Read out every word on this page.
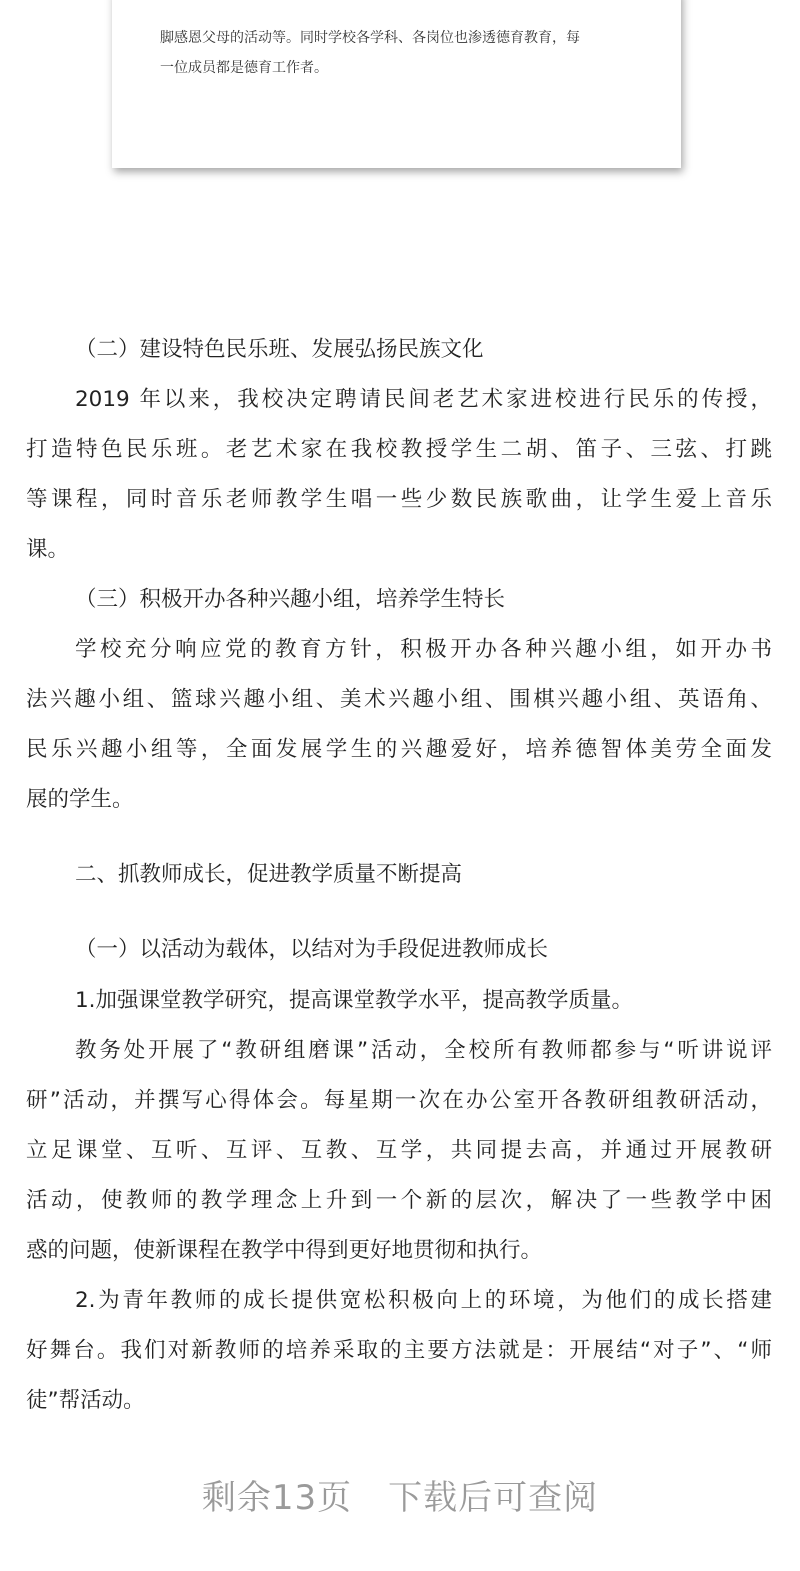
脚感恩父母的活动等。同时学校各学科、各岗位也渗透德育教育，每
一位成员都是德育工作者。
（二）建设特色民乐班、发展弘扬民族文化
2019 年以来，我校决定聘请民间老艺术家进校进行民乐的传授，
打造特色民乐班。老艺术家在我校教授学生二胡、笛子、三弦、打跳
等课程，同时音乐老师教学生唱一些少数民族歌曲，让学生爱上音乐
课。
（三）积极开办各种兴趣小组，培养学生特长
学校充分响应党的教育方针，积极开办各种兴趣小组，如开办书
法兴趣小组、篮球兴趣小组、美术兴趣小组、围棋兴趣小组、英语角、
民乐兴趣小组等，全面发展学生的兴趣爱好，培养德智体美劳全面发
展的学生。
二、抓教师成长，促进教学质量不断提高
（一）以活动为载体，以结对为手段促进教师成长
1.加强课堂教学研究，提高课堂教学水平，提高教学质量。
教务处开展了“教研组磨课”活动，全校所有教师都参与“听讲说评
研”活动，并撰写心得体会。每星期一次在办公室开各教研组教研活动，
立足课堂、互听、互评、互教、互学，共同提去高，并通过开展教研
活动，使教师的教学理念上升到一个新的层次，解决了一些教学中困
惑的问题，使新课程在教学中得到更好地贯彻和执行。
2.为青年教师的成长提供宽松积极向上的环境，为他们的成长搭建
好舞台。我们对新教师的培养采取的主要方法就是：开展结“对子”、“师
徒”帮活动。
剩余13页 下载后可查阅
